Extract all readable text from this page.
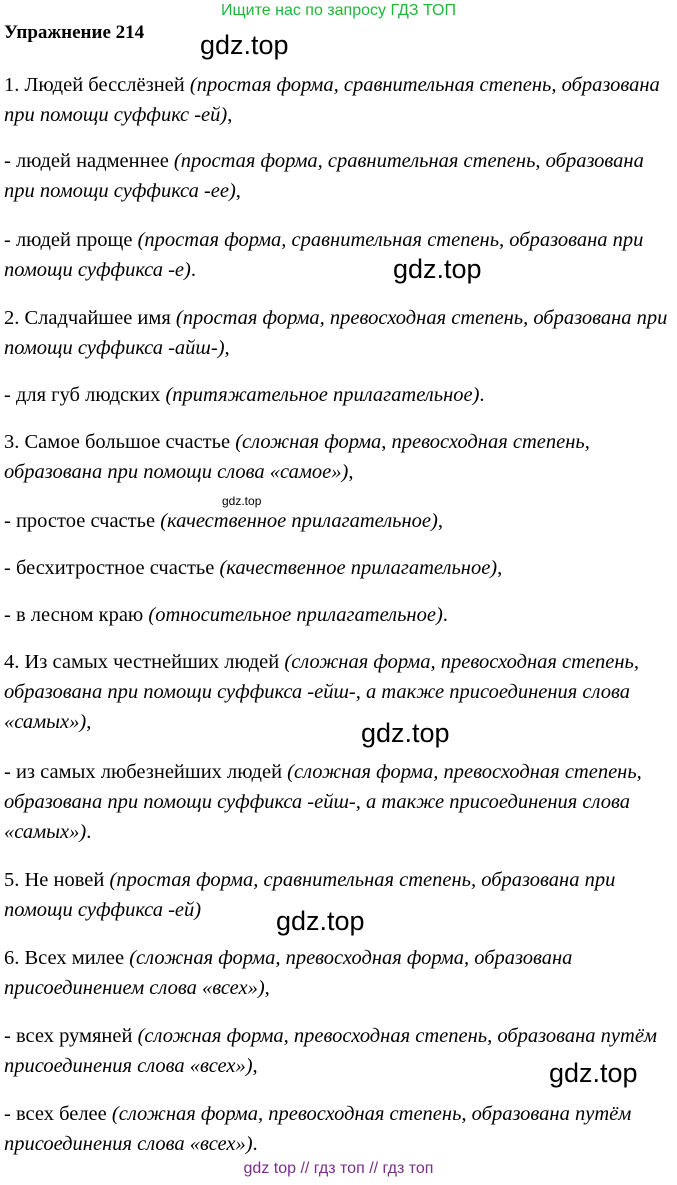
Ищите нас по запросу ГДЗ ТОП
Упражнение 214

1. Людей бесслёзней (простая форма, сравнительная степень, образована при помощи суффикс -ей),

- людей надменнее (простая форма, сравнительная степень, образована при помощи суффикса -ее),

- людей проще (простая форма, сравнительная степень, образована при помощи суффикса -е).

2. Сладчайшее имя (простая форма, превосходная степень, образована при помощи суффикса -айш-),

- для губ людских (притяжательное прилагательное).

3. Самое большое счастье (сложная форма, превосходная степень, образована при помощи слова «самое»),

- простое счастье (качественное прилагательное),

- бесхитростное счастье (качественное прилагательное),

- в лесном краю (относительное прилагательное).

4. Из самых честнейших людей (сложная форма, превосходная степень, образована при помощи суффикса -ейш-, а также присоединения слова «самых»),

- из самых любезнейших людей (сложная форма, превосходная степень, образована при помощи суффикса -ейш-, а также присоединения слова «самых»).

5. Не новей (простая форма, сравнительная степень, образована при помощи суффикса -ей)

6. Всех милее (сложная форма, превосходная форма, образована присоединением слова «всех»),

- всех румяней (сложная форма, превосходная степень, образована путём присоединения слова «всех»),

- всех белее (сложная форма, превосходная степень, образована путём присоединения слова «всех»).

gdz.top
gdz.top
gdz.top
gdz.top
gdz.top
gdz.top
gdz top // гдз топ // гдз топ
